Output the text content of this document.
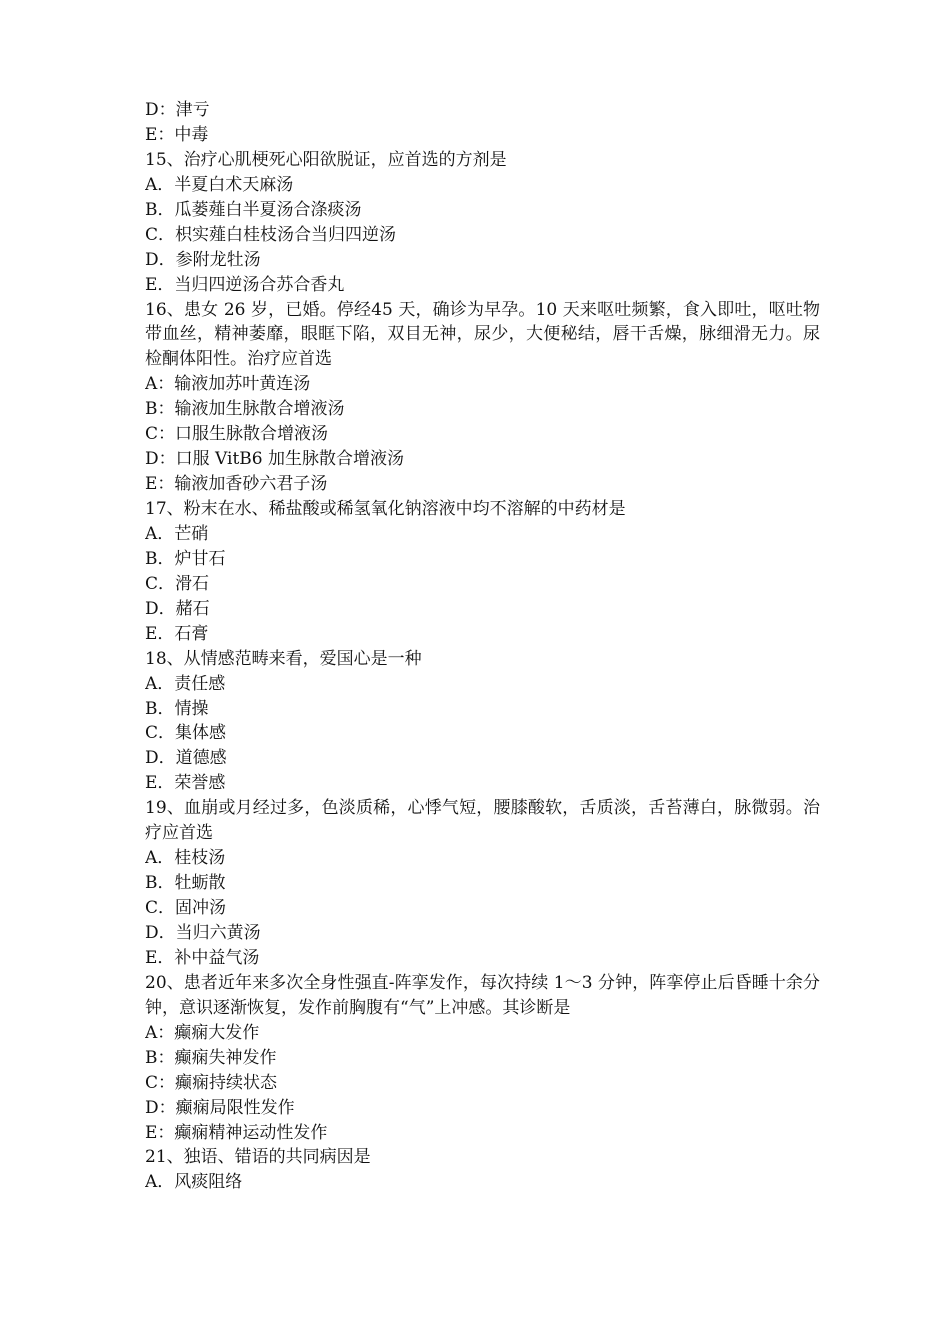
D：津亏
E：中毒
15、治疗心肌梗死心阳欲脱证，应首选的方剂是
A．半夏白术天麻汤
B．瓜蒌薤白半夏汤合涤痰汤
C．枳实薤白桂枝汤合当归四逆汤
D．参附龙牡汤
E．当归四逆汤合苏合香丸
16、患女 26 岁，已婚。停经45 天，确诊为早孕。10 天来呕吐频繁，食入即吐，呕吐物带血丝，精神萎靡，眼眶下陷，双目无神，尿少，大便秘结，唇干舌燥，脉细滑无力。尿检酮体阳性。治疗应首选
A：输液加苏叶黄连汤
B：输液加生脉散合增液汤
C：口服生脉散合增液汤
D：口服 VitB6 加生脉散合增液汤
E：输液加香砂六君子汤
17、粉末在水、稀盐酸或稀氢氧化钠溶液中均不溶解的中药材是
A．芒硝
B．炉甘石
C．滑石
D．赭石
E．石膏
18、从情感范畴来看，爱国心是一种
A．责任感
B．情操
C．集体感
D．道德感
E．荣誉感
19、血崩或月经过多，色淡质稀，心悸气短，腰膝酸软，舌质淡，舌苔薄白，脉微弱。治疗应首选
A．桂枝汤
B．牡蛎散
C．固冲汤
D．当归六黄汤
E．补中益气汤
20、患者近年来多次全身性强直-阵挛发作，每次持续 1～3 分钟，阵挛停止后昏睡十余分钟，意识逐渐恢复，发作前胸腹有“气”上冲感。其诊断是
A：癫痫大发作
B：癫痫失神发作
C：癫痫持续状态
D：癫痫局限性发作
E：癫痫精神运动性发作
21、独语、错语的共同病因是
A．风痰阻络
